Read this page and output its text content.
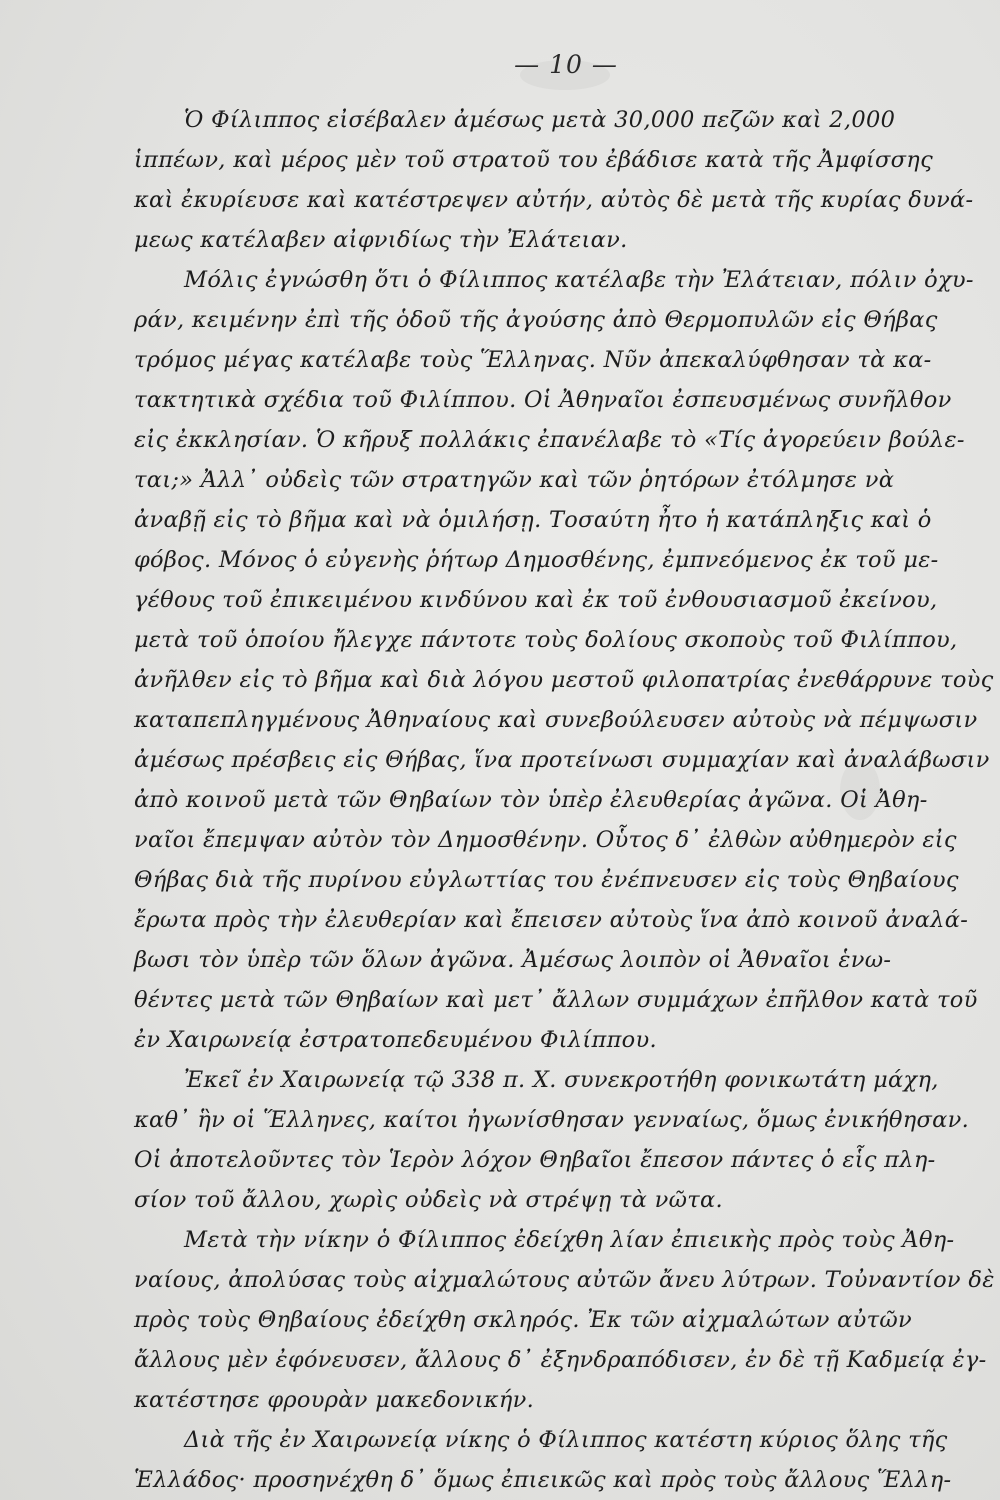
— 10 —
Ὁ Φίλιππος εἰσέβαλεν ἀμέσως μετὰ 30,000 πεζῶν καὶ 2,000
ἱππέων, καὶ μέρος μὲν τοῦ στρατοῦ του ἐβάδισε κατὰ τῆς Ἀμφίσσης
καὶ ἐκυρίευσε καὶ κατέστρεψεν αὐτήν, αὐτὸς δὲ μετὰ τῆς κυρίας δυνά-
μεως κατέλαβεν αἰφνιδίως τὴν Ἐλάτειαν.
Μόλις ἐγνώσθη ὅτι ὁ Φίλιππος κατέλαβε τὴν Ἐλάτειαν, πόλιν ὀχυ-
ράν, κειμένην ἐπὶ τῆς ὁδοῦ τῆς ἀγούσης ἀπὸ Θερμοπυλῶν εἰς Θήβας
τρόμος μέγας κατέλαβε τοὺς Ἕλληνας. Νῦν ἀπεκαλύφθησαν τὰ κα-
τακτητικὰ σχέδια τοῦ Φιλίππου. Οἱ Ἀθηναῖοι ἐσπευσμένως συνῆλθον
εἰς ἐκκλησίαν. Ὁ κῆρυξ πολλάκις ἐπανέλαβε τὸ «Τίς ἀγορεύειν βούλε-
ται;» Ἀλλ᾽ οὐδεὶς τῶν στρατηγῶν καὶ τῶν ῥητόρων ἐτόλμησε νὰ
ἀναβῇ εἰς τὸ βῆμα καὶ νὰ ὁμιλήσῃ. Τοσαύτη ἦτο ἡ κατάπληξις καὶ ὁ
φόβος. Μόνος ὁ εὐγενὴς ῥήτωρ Δημοσθένης, ἐμπνεόμενος ἐκ τοῦ με-
γέθους τοῦ ἐπικειμένου κινδύνου καὶ ἐκ τοῦ ἐνθουσιασμοῦ ἐκείνου,
μετὰ τοῦ ὁποίου ἤλεγχε πάντοτε τοὺς δολίους σκοποὺς τοῦ Φιλίππου,
ἀνῆλθεν εἰς τὸ βῆμα καὶ διὰ λόγου μεστοῦ φιλοπατρίας ἐνεθάρρυνε τοὺς
καταπεπληγμένους Ἀθηναίους καὶ συνεβούλευσεν αὐτοὺς νὰ πέμψωσιν
ἀμέσως πρέσβεις εἰς Θήβας, ἵνα προτείνωσι συμμαχίαν καὶ ἀναλάβωσιν
ἀπὸ κοινοῦ μετὰ τῶν Θηβαίων τὸν ὑπὲρ ἐλευθερίας ἀγῶνα. Οἱ Ἀθη-
ναῖοι ἔπεμψαν αὐτὸν τὸν Δημοσθένην. Οὗτος δ᾽ ἐλθὼν αὐθημερὸν εἰς
Θήβας διὰ τῆς πυρίνου εὐγλωττίας του ἐνέπνευσεν εἰς τοὺς Θηβαίους
ἔρωτα πρὸς τὴν ἐλευθερίαν καὶ ἔπεισεν αὐτοὺς ἵνα ἀπὸ κοινοῦ ἀναλά-
βωσι τὸν ὑπὲρ τῶν ὅλων ἀγῶνα. Ἀμέσως λοιπὸν οἱ Ἀθναῖοι ἑνω-
θέντες μετὰ τῶν Θηβαίων καὶ μετ᾽ ἄλλων συμμάχων ἐπῆλθον κατὰ τοῦ
ἐν Χαιρωνείᾳ ἐστρατοπεδευμένου Φιλίππου.
Ἐκεῖ ἐν Χαιρωνείᾳ τῷ 338 π. Χ. συνεκροτήθη φονικωτάτη μάχη,
καθ᾽ ἣν οἱ Ἕλληνες, καίτοι ἠγωνίσθησαν γενναίως, ὅμως ἐνικήθησαν.
Οἱ ἀποτελοῦντες τὸν Ἱερὸν λόχον Θηβαῖοι ἔπεσον πάντες ὁ εἷς πλη-
σίον τοῦ ἄλλου, χωρὶς οὐδεὶς νὰ στρέψῃ τὰ νῶτα.
Μετὰ τὴν νίκην ὁ Φίλιππος ἐδείχθη λίαν ἐπιεικὴς πρὸς τοὺς Ἀθη-
ναίους, ἀπολύσας τοὺς αἰχμαλώτους αὐτῶν ἄνευ λύτρων. Τοὐναντίον δὲ
πρὸς τοὺς Θηβαίους ἐδείχθη σκληρός. Ἐκ τῶν αἰχμαλώτων αὐτῶν
ἄλλους μὲν ἐφόνευσεν, ἄλλους δ᾽ ἐξηνδραπόδισεν, ἐν δὲ τῇ Καδμείᾳ ἐγ-
κατέστησε φρουρὰν μακεδονικήν.
Διὰ τῆς ἐν Χαιρωνείᾳ νίκης ὁ Φίλιππος κατέστη κύριος ὅλης τῆς
Ἑλλάδος· προσηνέχθη δ᾽ ὅμως ἐπιεικῶς καὶ πρὸς τοὺς ἄλλους Ἕλλη-
